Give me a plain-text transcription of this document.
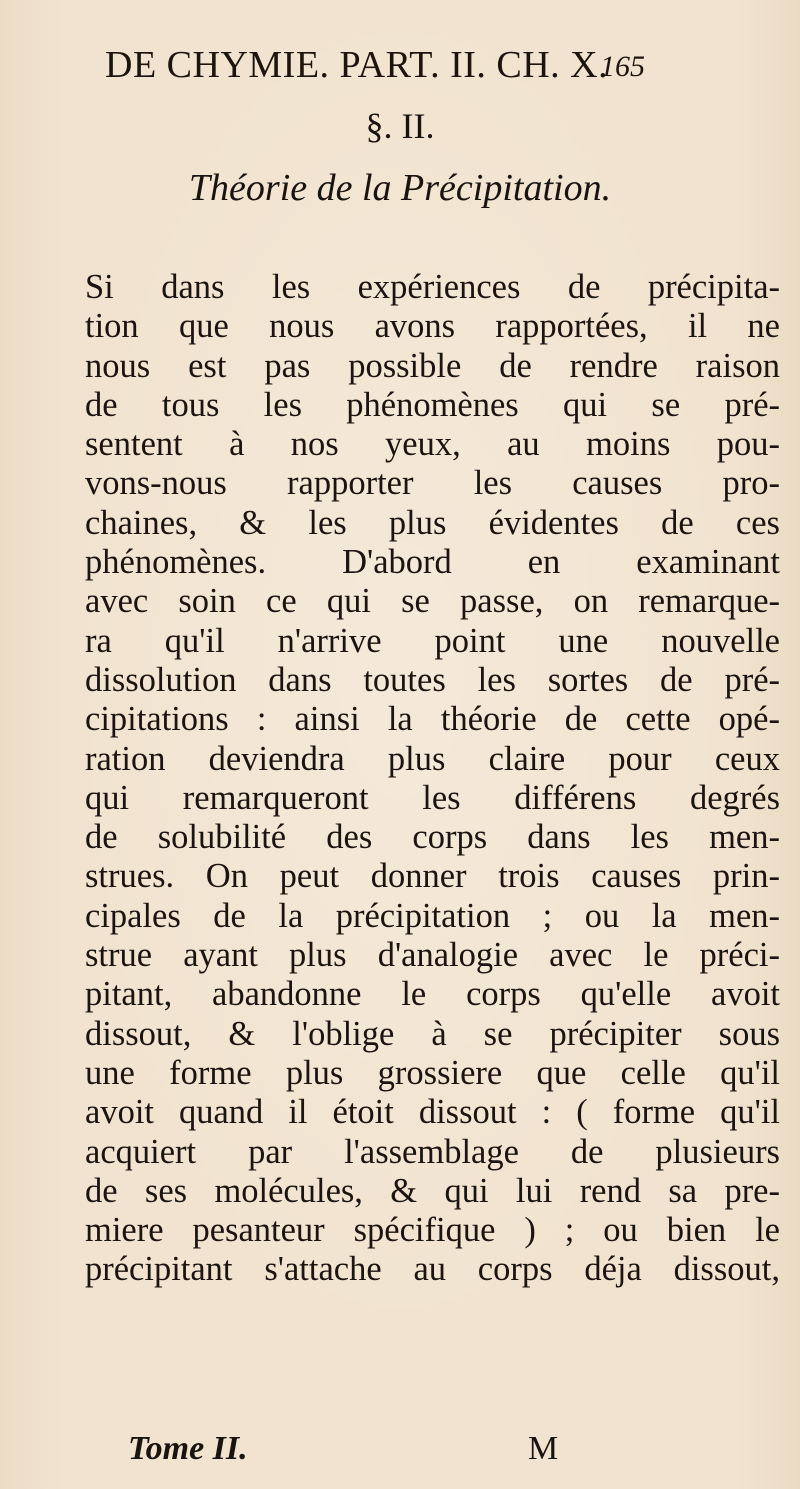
DE CHYMIE. PART. II. CH. X.
165
§. II.
Théorie de la Précipitation.
Si dans les expériences de précipita-
tion que nous avons rapportées, il ne
nous est pas possible de rendre raison
de tous les phénomènes qui se pré-
sentent à nos yeux, au moins pou-
vons-nous rapporter les causes pro-
chaines, & les plus évidentes de ces
phénomènes. D'abord en examinant
avec soin ce qui se passe, on remarque-
ra qu'il n'arrive point une nouvelle
dissolution dans toutes les sortes de pré-
cipitations : ainsi la théorie de cette opé-
ration deviendra plus claire pour ceux
qui remarqueront les différens degrés
de solubilité des corps dans les men-
strues. On peut donner trois causes prin-
cipales de la précipitation ; ou la men-
strue ayant plus d'analogie avec le préci-
pitant, abandonne le corps qu'elle avoit
dissout, & l'oblige à se précipiter sous
une forme plus grossiere que celle qu'il
avoit quand il étoit dissout : ( forme qu'il
acquiert par l'assemblage de plusieurs
de ses molécules, & qui lui rend sa pre-
miere pesanteur spécifique ) ; ou bien le
précipitant s'attache au corps déja dissout,
Tome II.	M
